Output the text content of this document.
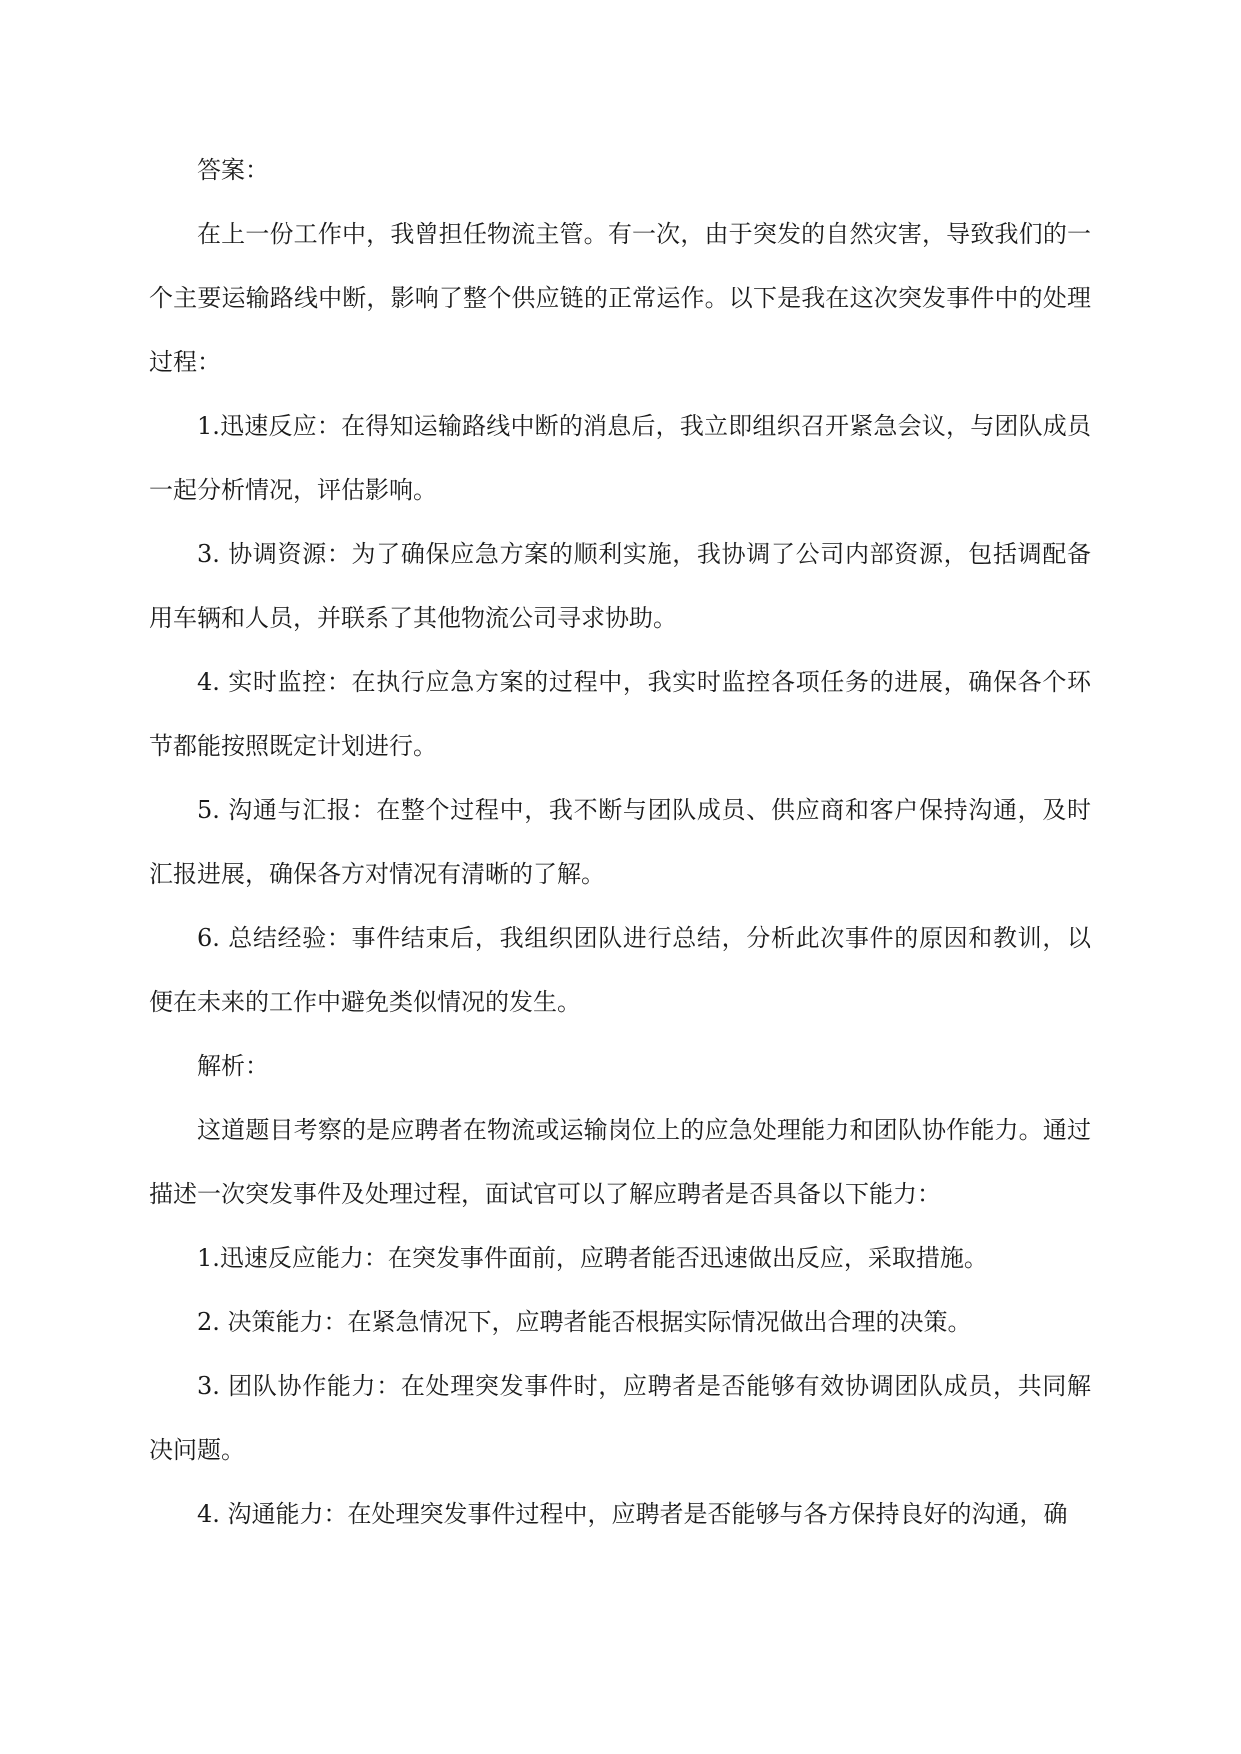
答案：

在上一份工作中，我曾担任物流主管。有一次，由于突发的自然灾害，导致我们的一个主要运输路线中断，影响了整个供应链的正常运作。以下是我在这次突发事件中的处理过程：

1.迅速反应：在得知运输路线中断的消息后，我立即组织召开紧急会议，与团队成员一起分析情况，评估影响。

3. 协调资源：为了确保应急方案的顺利实施，我协调了公司内部资源，包括调配备用车辆和人员，并联系了其他物流公司寻求协助。

4. 实时监控：在执行应急方案的过程中，我实时监控各项任务的进展，确保各个环节都能按照既定计划进行。

5. 沟通与汇报：在整个过程中，我不断与团队成员、供应商和客户保持沟通，及时汇报进展，确保各方对情况有清晰的了解。

6. 总结经验：事件结束后，我组织团队进行总结，分析此次事件的原因和教训，以便在未来的工作中避免类似情况的发生。

解析：

这道题目考察的是应聘者在物流或运输岗位上的应急处理能力和团队协作能力。通过描述一次突发事件及处理过程，面试官可以了解应聘者是否具备以下能力：

1.迅速反应能力：在突发事件面前，应聘者能否迅速做出反应，采取措施。

2. 决策能力：在紧急情况下，应聘者能否根据实际情况做出合理的决策。

3. 团队协作能力：在处理突发事件时，应聘者是否能够有效协调团队成员，共同解决问题。

4. 沟通能力：在处理突发事件过程中，应聘者是否能够与各方保持良好的沟通，确
